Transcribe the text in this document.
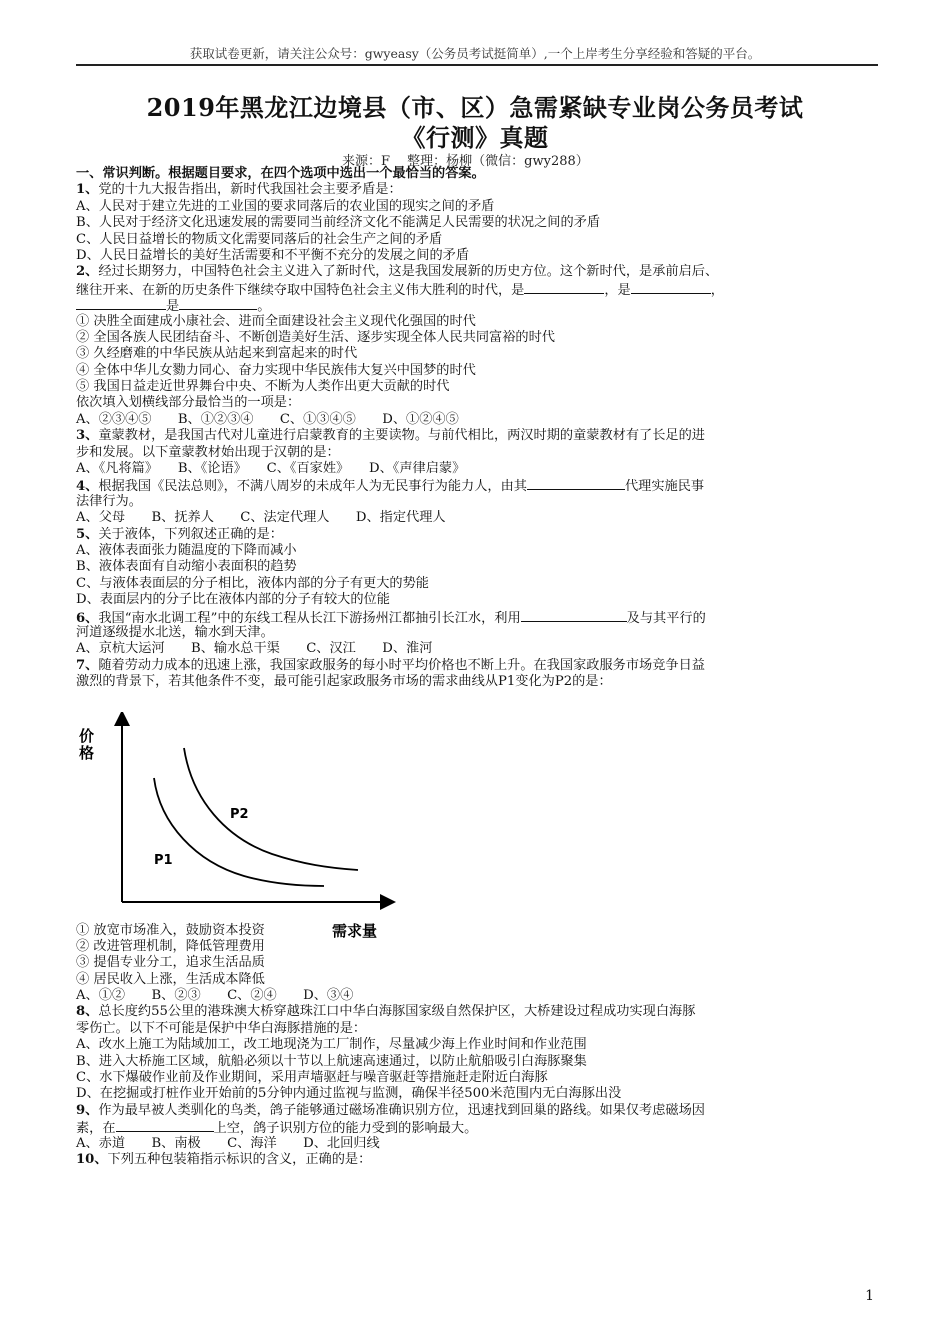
获取试卷更新，请关注公众号：gwyeasy（公务员考试挺简单）,一个上岸考生分享经验和答疑的平台。
2019年黑龙江边境县（市、区）急需紧缺专业岗公务员考试
《行测》真题
来源：F　 整理：杨柳（微信：gwy288）
一、常识判断。根据题目要求，在四个选项中选出一个最恰当的答案。
1、党的十九大报告指出，新时代我国社会主要矛盾是：
A、人民对于建立先进的工业国的要求同落后的农业国的现实之间的矛盾
B、人民对于经济文化迅速发展的需要同当前经济文化不能满足人民需要的状况之间的矛盾
C、人民日益增长的物质文化需要同落后的社会生产之间的矛盾
D、人民日益增长的美好生活需要和不平衡不充分的发展之间的矛盾
2、经过长期努力，中国特色社会主义进入了新时代，这是我国发展新的历史方位。这个新时代，是承前启后、
继往开来、在新的历史条件下继续夺取中国特色社会主义伟大胜利的时代，是	，是	，
是	。
① 决胜全面建成小康社会、进而全面建设社会主义现代化强国的时代
② 全国各族人民团结奋斗、不断创造美好生活、逐步实现全体人民共同富裕的时代
③ 久经磨难的中华民族从站起来到富起来的时代
④ 全体中华儿女勠力同心、奋力实现中华民族伟大复兴中国梦的时代
⑤ 我国日益走近世界舞台中央、不断为人类作出更大贡献的时代
依次填入划横线部分最恰当的一项是：
A、②③④⑤　　B、①②③④　　C、①③④⑤　　D、①②④⑤
3、童蒙教材，是我国古代对儿童进行启蒙教育的主要读物。与前代相比，两汉时期的童蒙教材有了长足的进
步和发展。以下童蒙教材始出现于汉朝的是：
A、《凡将篇》　　B、《论语》　　C、《百家姓》　　D、《声律启蒙》
4、根据我国《民法总则》，不满八周岁的未成年人为无民事行为能力人，由其	代理实施民事
法律行为。
A、父母　　B、抚养人　　C、法定代理人　　D、指定代理人
5、关于液体，下列叙述正确的是：
A、液体表面张力随温度的下降而减小
B、液体表面有自动缩小表面积的趋势
C、与液体表面层的分子相比，液体内部的分子有更大的势能
D、表面层内的分子比在液体内部的分子有较大的位能
6、我国“南水北调工程”中的东线工程从长江下游扬州江都抽引长江水，利用	及与其平行的
河道逐级提水北送，输水到天津。
A、京杭大运河　　B、输水总干渠　　C、汉江　　D、淮河
7、随着劳动力成本的迅速上涨，我国家政服务的每小时平均价格也不断上升。在我国家政服务市场竞争日益
激烈的背景下，若其他条件不变，最可能引起家政服务市场的需求曲线从P1变化为P2的是：
① 放宽市场准入，鼓励资本投资
② 改进管理机制，降低管理费用
③ 提倡专业分工，追求生活品质
④ 居民收入上涨，生活成本降低
A、①②　　B、②③　　C、②④　　D、③④
8、总长度约55公里的港珠澳大桥穿越珠江口中华白海豚国家级自然保护区，大桥建设过程成功实现白海豚
零伤亡。以下不可能是保护中华白海豚措施的是：
A、改水上施工为陆域加工，改工地现浇为工厂制作，尽量减少海上作业时间和作业范围
B、进入大桥施工区域，航船必须以十节以上航速高速通过，以防止航船吸引白海豚聚集
C、水下爆破作业前及作业期间，采用声墙驱赶与噪音驱赶等措施赶走附近白海豚
D、在挖掘或打桩作业开始前的5分钟内通过监视与监测，确保半径500米范围内无白海豚出没
9、作为最早被人类驯化的鸟类，鸽子能够通过磁场准确识别方位，迅速找到回巢的路线。如果仅考虑磁场因
素，在	上空，鸽子识别方位的能力受到的影响最大。
A、赤道　　B、南极　　C、海洋　　D、北回归线
10、下列五种包装箱指示标识的含义，正确的是：
价格
需求量
P1
P2
1
